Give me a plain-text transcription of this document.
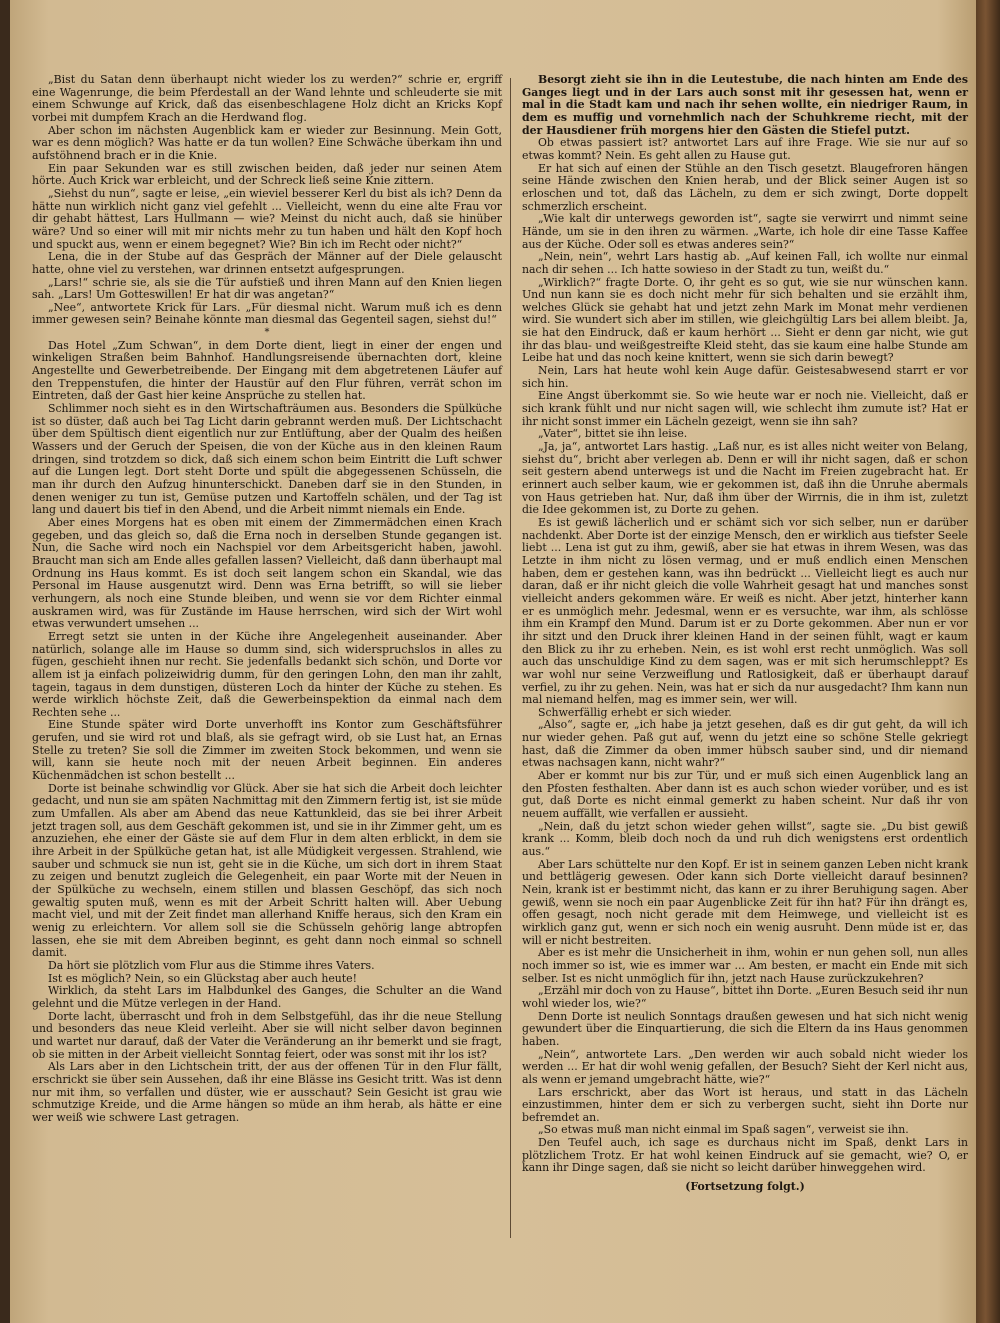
„Bist du Satan denn überhaupt nicht wieder los zu werden?“ schrie er, ergriff eine Wagenrunge, die beim Pferdestall an der Wand lehnte und schleuderte sie mit einem Schwunge auf Krick, daß das eisenbeschlagene Holz dicht an Kricks Kopf vorbei mit dumpfem Krach an die Herdwand flog.

Aber schon im nächsten Augenblick kam er wieder zur Besinnung. Mein Gott, war es denn möglich? Was hatte er da tun wollen? Eine Schwäche überkam ihn und aufstöhnend brach er in die Knie.

Ein paar Sekunden war es still zwischen beiden, daß jeder nur seinen Atem hörte. Auch Krick war erbleicht, und der Schreck ließ seine Knie zittern.

„Siehst du nun“, sagte er leise, „ein wieviel besserer Kerl du bist als ich? Denn da hätte nun wirklich nicht ganz viel gefehlt ... Vielleicht, wenn du eine alte Frau vor dir gehabt hättest, Lars Hullmann — wie? Meinst du nicht auch, daß sie hinüber wäre? Und so einer will mit mir nichts mehr zu tun haben und hält den Kopf hoch und spuckt aus, wenn er einem begegnet? Wie? Bin ich im Recht oder nicht?“

Lena, die in der Stube auf das Gespräch der Männer auf der Diele gelauscht hatte, ohne viel zu verstehen, war drinnen entsetzt aufgesprungen.

„Lars!“ schrie sie, als sie die Tür aufstieß und ihren Mann auf den Knien liegen sah. „Lars! Um Gotteswillen! Er hat dir was angetan?“

„Nee“, antwortete Krick für Lars. „Für diesmal nicht. Warum muß ich es denn immer gewesen sein? Beinahe könnte man diesmal das Gegenteil sagen, siehst du!“

*

Das Hotel „Zum Schwan“, in dem Dorte dient, liegt in einer der engen und winkeligen Straßen beim Bahnhof. Handlungsreisende übernachten dort, kleine Angestellte und Gewerbetreibende. Der Eingang mit dem abgetretenen Läufer auf den Treppenstufen, die hinter der Haustür auf den Flur führen, verrät schon im Eintreten, daß der Gast hier keine Ansprüche zu stellen hat.

Schlimmer noch sieht es in den Wirtschafträumen aus. Besonders die Spülküche ist so düster, daß auch bei Tag Licht darin gebrannt werden muß. Der Lichtschacht über dem Spültisch dient eigentlich nur zur Entlüftung, aber der Qualm des heißen Wassers und der Geruch der Speisen, die von der Küche aus in den kleinen Raum dringen, sind trotzdem so dick, daß sich einem schon beim Eintritt die Luft schwer auf die Lungen legt. Dort steht Dorte und spült die abgegessenen Schüsseln, die man ihr durch den Aufzug hinunterschickt. Daneben darf sie in den Stunden, in denen weniger zu tun ist, Gemüse putzen und Kartoffeln schälen, und der Tag ist lang und dauert bis tief in den Abend, und die Arbeit nimmt niemals ein Ende.

Aber eines Morgens hat es oben mit einem der Zimmermädchen einen Krach gegeben, und das gleich so, daß die Erna noch in derselben Stunde gegangen ist. Nun, die Sache wird noch ein Nachspiel vor dem Arbeitsgericht haben, jawohl. Braucht man sich am Ende alles gefallen lassen? Vielleicht, daß dann überhaupt mal Ordnung ins Haus kommt. Es ist doch seit langem schon ein Skandal, wie das Personal im Hause ausgenutzt wird. Denn was Erna betrifft, so will sie lieber verhungern, als noch eine Stunde bleiben, und wenn sie vor dem Richter einmal auskramen wird, was für Zustände im Hause herrschen, wird sich der Wirt wohl etwas verwundert umsehen ...

Erregt setzt sie unten in der Küche ihre Angelegenheit auseinander. Aber natürlich, solange alle im Hause so dumm sind, sich widerspruchslos in alles zu fügen, geschieht ihnen nur recht. Sie jedenfalls bedankt sich schön, und Dorte vor allem ist ja einfach polizeiwidrig dumm, für den geringen Lohn, den man ihr zahlt, tagein, tagaus in dem dunstigen, düsteren Loch da hinter der Küche zu stehen. Es werde wirklich höchste Zeit, daß die Gewerbeinspektion da einmal nach dem Rechten sehe ...

Eine Stunde später wird Dorte unverhofft ins Kontor zum Geschäftsführer gerufen, und sie wird rot und blaß, als sie gefragt wird, ob sie Lust hat, an Ernas Stelle zu treten? Sie soll die Zimmer im zweiten Stock bekommen, und wenn sie will, kann sie heute noch mit der neuen Arbeit beginnen. Ein anderes Küchenmädchen ist schon bestellt ...

Dorte ist beinahe schwindlig vor Glück. Aber sie hat sich die Arbeit doch leichter gedacht, und nun sie am späten Nachmittag mit den Zimmern fertig ist, ist sie müde zum Umfallen. Als aber am Abend das neue Kattunkleid, das sie bei ihrer Arbeit jetzt tragen soll, aus dem Geschäft gekommen ist, und sie in ihr Zimmer geht, um es anzuziehen, ehe einer der Gäste sie auf dem Flur in dem alten erblickt, in dem sie ihre Arbeit in der Spülküche getan hat, ist alle Müdigkeit vergessen. Strahlend, wie sauber und schmuck sie nun ist, geht sie in die Küche, um sich dort in ihrem Staat zu zeigen und benutzt zugleich die Gelegenheit, ein paar Worte mit der Neuen in der Spülküche zu wechseln, einem stillen und blassen Geschöpf, das sich noch gewaltig sputen muß, wenn es mit der Arbeit Schritt halten will. Aber Uebung macht viel, und mit der Zeit findet man allerhand Kniffe heraus, sich den Kram ein wenig zu erleichtern. Vor allem soll sie die Schüsseln gehörig lange abtropfen lassen, ehe sie mit dem Abreiben beginnt, es geht dann noch einmal so schnell damit.

Da hört sie plötzlich vom Flur aus die Stimme ihres Vaters.

Ist es möglich? Nein, so ein Glückstag aber auch heute!

Wirklich, da steht Lars im Halbdunkel des Ganges, die Schulter an die Wand gelehnt und die Mütze verlegen in der Hand.

Dorte lacht, überrascht und froh in dem Selbstgefühl, das ihr die neue Stellung und besonders das neue Kleid verleiht. Aber sie will nicht selber davon beginnen und wartet nur darauf, daß der Vater die Veränderung an ihr bemerkt und sie fragt, ob sie mitten in der Arbeit vielleicht Sonntag feiert, oder was sonst mit ihr los ist?

Als Lars aber in den Lichtschein tritt, der aus der offenen Tür in den Flur fällt, erschrickt sie über sein Aussehen, daß ihr eine Blässe ins Gesicht tritt. Was ist denn nur mit ihm, so verfallen und düster, wie er ausschaut? Sein Gesicht ist grau wie schmutzige Kreide, und die Arme hängen so müde an ihm herab, als hätte er eine wer weiß wie schwere Last getragen.

Besorgt zieht sie ihn in die Leutestube, die nach hinten am Ende des Ganges liegt und in der Lars auch sonst mit ihr gesessen hat, wenn er mal in die Stadt kam und nach ihr sehen wollte, ein niedriger Raum, in dem es muffig und vornehmlich nach der Schuhkreme riecht, mit der der Hausdiener früh morgens hier den Gästen die Stiefel putzt.

Ob etwas passiert ist? antwortet Lars auf ihre Frage. Wie sie nur auf so etwas kommt? Nein. Es geht allen zu Hause gut.

Er hat sich auf einen der Stühle an den Tisch gesetzt. Blaugefroren hängen seine Hände zwischen den Knien herab, und der Blick seiner Augen ist so erloschen und tot, daß das Lächeln, zu dem er sich zwingt, Dorte doppelt schmerzlich erscheint.

„Wie kalt dir unterwegs geworden ist“, sagte sie verwirrt und nimmt seine Hände, um sie in den ihren zu wärmen. „Warte, ich hole dir eine Tasse Kaffee aus der Küche. Oder soll es etwas anderes sein?“

„Nein, nein“, wehrt Lars hastig ab. „Auf keinen Fall, ich wollte nur einmal nach dir sehen ... Ich hatte sowieso in der Stadt zu tun, weißt du.“

„Wirklich?“ fragte Dorte. O, ihr geht es so gut, wie sie nur wünschen kann. Und nun kann sie es doch nicht mehr für sich behalten und sie erzählt ihm, welches Glück sie gehabt hat und jetzt zehn Mark im Monat mehr verdienen wird. Sie wundert sich aber im stillen, wie gleichgültig Lars bei allem bleibt. Ja, sie hat den Eindruck, daß er kaum herhört ... Sieht er denn gar nicht, wie gut ihr das blau- und weißgestreifte Kleid steht, das sie kaum eine halbe Stunde am Leibe hat und das noch keine knittert, wenn sie sich darin bewegt?

Nein, Lars hat heute wohl kein Auge dafür. Geistesabwesend starrt er vor sich hin.

Eine Angst überkommt sie. So wie heute war er noch nie. Vielleicht, daß er sich krank fühlt und nur nicht sagen will, wie schlecht ihm zumute ist? Hat er ihr nicht sonst immer ein Lächeln gezeigt, wenn sie ihn sah?

„Vater“, bittet sie ihn leise.

„Ja, ja“, antwortet Lars hastig. „Laß nur, es ist alles nicht weiter von Belang, siehst du“, bricht aber verlegen ab. Denn er will ihr nicht sagen, daß er schon seit gestern abend unterwegs ist und die Nacht im Freien zugebracht hat. Er erinnert auch selber kaum, wie er gekommen ist, daß ihn die Unruhe abermals von Haus getrieben hat. Nur, daß ihm über der Wirrnis, die in ihm ist, zuletzt die Idee gekommen ist, zu Dorte zu gehen.

Es ist gewiß lächerlich und er schämt sich vor sich selber, nun er darüber nachdenkt. Aber Dorte ist der einzige Mensch, den er wirklich aus tiefster Seele liebt ... Lena ist gut zu ihm, gewiß, aber sie hat etwas in ihrem Wesen, was das Letzte in ihm nicht zu lösen vermag, und er muß endlich einen Menschen haben, dem er gestehen kann, was ihn bedrückt ... Vielleicht liegt es auch nur daran, daß er ihr nicht gleich die volle Wahrheit gesagt hat und manches sonst vielleicht anders gekommen wäre. Er weiß es nicht. Aber jetzt, hinterher kann er es unmöglich mehr. Jedesmal, wenn er es versuchte, war ihm, als schlösse ihm ein Krampf den Mund. Darum ist er zu Dorte gekommen. Aber nun er vor ihr sitzt und den Druck ihrer kleinen Hand in der seinen fühlt, wagt er kaum den Blick zu ihr zu erheben. Nein, es ist wohl erst recht unmöglich. Was soll auch das unschuldige Kind zu dem sagen, was er mit sich herumschleppt? Es war wohl nur seine Verzweiflung und Ratlosigkeit, daß er überhaupt darauf verfiel, zu ihr zu gehen. Nein, was hat er sich da nur ausgedacht? Ihm kann nun mal niemand helfen, mag es immer sein, wer will.

Schwerfällig erhebt er sich wieder.

„Also“, sagte er, „ich habe ja jetzt gesehen, daß es dir gut geht, da will ich nur wieder gehen. Paß gut auf, wenn du jetzt eine so schöne Stelle gekriegt hast, daß die Zimmer da oben immer hübsch sauber sind, und dir niemand etwas nachsagen kann, nicht wahr?“

Aber er kommt nur bis zur Tür, und er muß sich einen Augenblick lang an den Pfosten festhalten. Aber dann ist es auch schon wieder vorüber, und es ist gut, daß Dorte es nicht einmal gemerkt zu haben scheint. Nur daß ihr von neuem auffällt, wie verfallen er aussieht.

„Nein, daß du jetzt schon wieder gehen willst“, sagte sie. „Du bist gewiß krank ... Komm, bleib doch noch da und ruh dich wenigstens erst ordentlich aus.“

Aber Lars schüttelte nur den Kopf. Er ist in seinem ganzen Leben nicht krank und bettlägerig gewesen. Oder kann sich Dorte vielleicht darauf besinnen? Nein, krank ist er bestimmt nicht, das kann er zu ihrer Beruhigung sagen. Aber gewiß, wenn sie noch ein paar Augenblicke Zeit für ihn hat? Für ihn drängt es, offen gesagt, noch nicht gerade mit dem Heimwege, und vielleicht ist es wirklich ganz gut, wenn er sich noch ein wenig ausruht. Denn müde ist er, das will er nicht bestreiten.

Aber es ist mehr die Unsicherheit in ihm, wohin er nun gehen soll, nun alles noch immer so ist, wie es immer war ... Am besten, er macht ein Ende mit sich selber. Ist es nicht unmöglich für ihn, jetzt nach Hause zurückzukehren?

„Erzähl mir doch von zu Hause“, bittet ihn Dorte. „Euren Besuch seid ihr nun wohl wieder los, wie?“

Denn Dorte ist neulich Sonntags draußen gewesen und hat sich nicht wenig gewundert über die Einquartierung, die sich die Eltern da ins Haus genommen haben.

„Nein“, antwortete Lars. „Den werden wir auch sobald nicht wieder los werden ... Er hat dir wohl wenig gefallen, der Besuch? Sieht der Kerl nicht aus, als wenn er jemand umgebracht hätte, wie?“

Lars erschrickt, aber das Wort ist heraus, und statt in das Lächeln einzustimmen, hinter dem er sich zu verbergen sucht, sieht ihn Dorte nur befremdet an.

„So etwas muß man nicht einmal im Spaß sagen“, verweist sie ihn.

Den Teufel auch, ich sage es durchaus nicht im Spaß, denkt Lars in plötzlichem Trotz. Er hat wohl keinen Eindruck auf sie gemacht, wie? O, er kann ihr Dinge sagen, daß sie nicht so leicht darüber hinweggehen wird.

(Fortsetzung folgt.)
